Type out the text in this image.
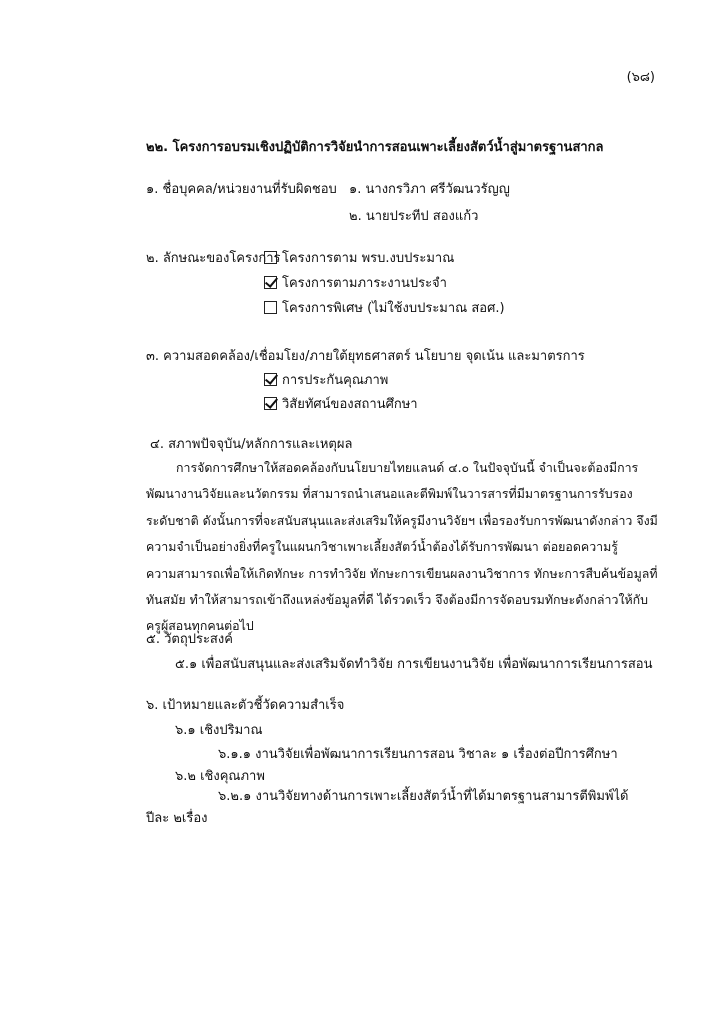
(๖๘)
๒๒. โครงการอบรมเชิงปฏิบัติการวิจัยนำการสอนเพาะเลี้ยงสัตว์น้ำสู่มาตรฐานสากล
๑. ชื่อบุคคล/หน่วยงานที่รับผิดชอบ ๑. นางกรวิภา ศรีวัฒนวรัญญู
๒. นายประทีป สองแก้ว
๒. ลักษณะของโครงการ โครงการตาม พรบ.งบประมาณ
โครงการตามภาระงานประจำ
โครงการพิเศษ (ไม่ใช้งบประมาณ สอศ.)
๓. ความสอดคล้อง/เชื่อมโยง/ภายใต้ยุทธศาสตร์ นโยบาย จุดเน้น และมาตรการ
การประกันคุณภาพ
วิสัยทัศน์ของสถานศึกษา
๔. สภาพปัจจุบัน/หลักการและเหตุผล
การจัดการศึกษาให้สอดคล้องกับนโยบายไทยแลนด์ ๔.๐ ในปัจจุบันนี้ จำเป็นจะต้องมีการ
พัฒนางานวิจัยและนวัตกรรม ที่สามารถนำเสนอและตีพิมพ์ในวารสารที่มีมาตรฐานการรับรอง
ระดับชาติ ดังนั้นการที่จะสนับสนุนและส่งเสริมให้ครูมีงานวิจัยฯ เพื่อรองรับการพัฒนาดังกล่าว จึงมี
ความจำเป็นอย่างยิ่งที่ครูในแผนกวิชาเพาะเลี้ยงสัตว์น้ำต้องได้รับการพัฒนา ต่อยอดความรู้
ความสามารถเพื่อให้เกิดทักษะ การทำวิจัย ทักษะการเขียนผลงานวิชาการ ทักษะการสืบค้นข้อมูลที่
ทันสมัย ทำให้สามารถเข้าถึงแหล่งข้อมูลที่ดี ได้รวดเร็ว จึงต้องมีการจัดอบรมทักษะดังกล่าวให้กับ
ครูผู้สอนทุกคนต่อไป
๕. วัตถุประสงค์
๕.๑ เพื่อสนับสนุนและส่งเสริมจัดทำวิจัย การเขียนงานวิจัย เพื่อพัฒนาการเรียนการสอน
๖. เป้าหมายและตัวชี้วัดความสำเร็จ
๖.๑ เชิงปริมาณ
๖.๑.๑ งานวิจัยเพื่อพัฒนาการเรียนการสอน วิชาละ ๑ เรื่องต่อปีการศึกษา
๖.๒ เชิงคุณภาพ
๖.๒.๑ งานวิจัยทางด้านการเพาะเลี้ยงสัตว์น้ำที่ได้มาตรฐานสามารตีพิมพ์ได้
ปีละ ๒เรื่อง
